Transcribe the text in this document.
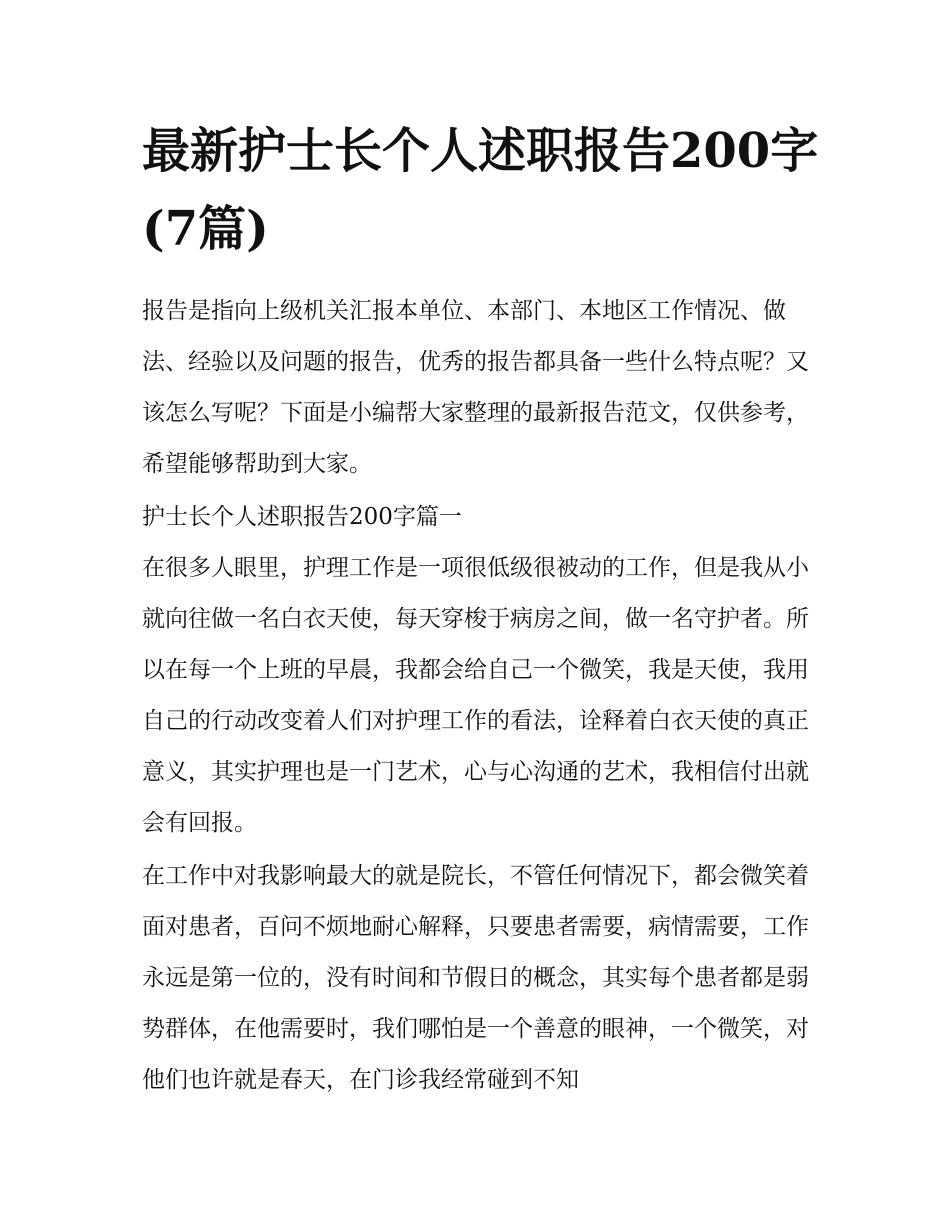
最新护士长个人述职报告200字(7篇)

报告是指向上级机关汇报本单位、本部门、本地区工作情况、做法、经验以及问题的报告，优秀的报告都具备一些什么特点呢？又该怎么写呢？下面是小编帮大家整理的最新报告范文，仅供参考，希望能够帮助到大家。

护士长个人述职报告200字篇一

在很多人眼里，护理工作是一项很低级很被动的工作，但是我从小就向往做一名白衣天使，每天穿梭于病房之间，做一名守护者。所以在每一个上班的早晨，我都会给自己一个微笑，我是天使，我用自己的行动改变着人们对护理工作的看法，诠释着白衣天使的真正意义，其实护理也是一门艺术，心与心沟通的艺术，我相信付出就会有回报。

在工作中对我影响最大的就是院长，不管任何情况下，都会微笑着面对患者，百问不烦地耐心解释，只要患者需要，病情需要，工作永远是第一位的，没有时间和节假日的概念，其实每个患者都是弱势群体，在他需要时，我们哪怕是一个善意的眼神，一个微笑，对他们也许就是春天，在门诊我经常碰到不知
